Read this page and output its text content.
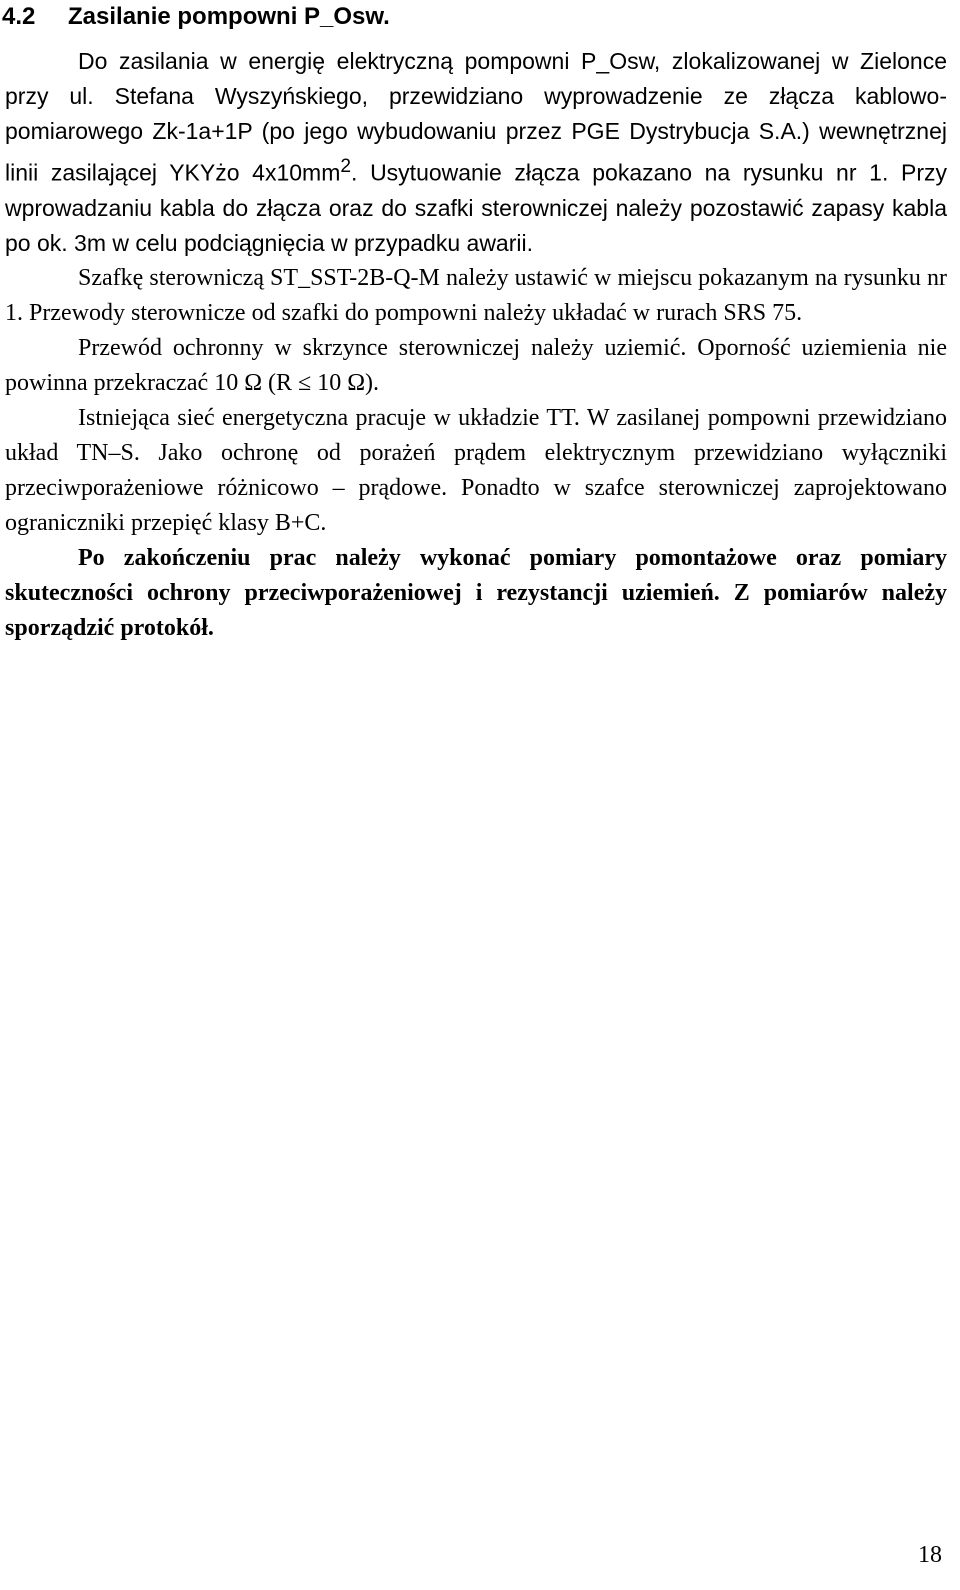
4.2 Zasilanie pompowni P_Osw.

Do zasilania w energię elektryczną pompowni P_Osw, zlokalizowanej w Zielonce przy ul. Stefana Wyszyńskiego, przewidziano wyprowadzenie ze złącza kablowo-pomiarowego Zk-1a+1P (po jego wybudowaniu przez PGE Dystrybucja S.A.) wewnętrznej linii zasilającej YKYżo $4x10mm^2$. Usytuowanie złącza pokazano na rysunku nr 1. Przy wprowadzaniu kabla do złącza oraz do szafki sterowniczej należy pozostawić zapasy kabla po ok. 3m w celu podciągnięcia w przypadku awarii.

Szafkę sterowniczą ST_SST-2B-Q-M należy ustawić w miejscu pokazanym na rysunku nr 1. Przewody sterownicze od szafki do pompowni należy układać w rurach SRS 75.

Przewód ochronny w skrzynce sterowniczej należy uziemić. Oporność uziemienia nie powinna przekraczać 10 Ω (R ≤ 10 Ω).

Istniejąca sieć energetyczna pracuje w układzie TT. W zasilanej pompowni przewidziano układ TN–S. Jako ochronę od porażeń prądem elektrycznym przewidziano wyłączniki przeciwporażeniowe różnicowo – prądowe. Ponadto w szafce sterowniczej zaprojektowano ograniczniki przepięć klasy B+C.

Po zakończeniu prac należy wykonać pomiary pomontażowe oraz pomiary skuteczności ochrony przeciwporażeniowej i rezystancji uziemień. Z pomiarów należy sporządzić protokół.

18
